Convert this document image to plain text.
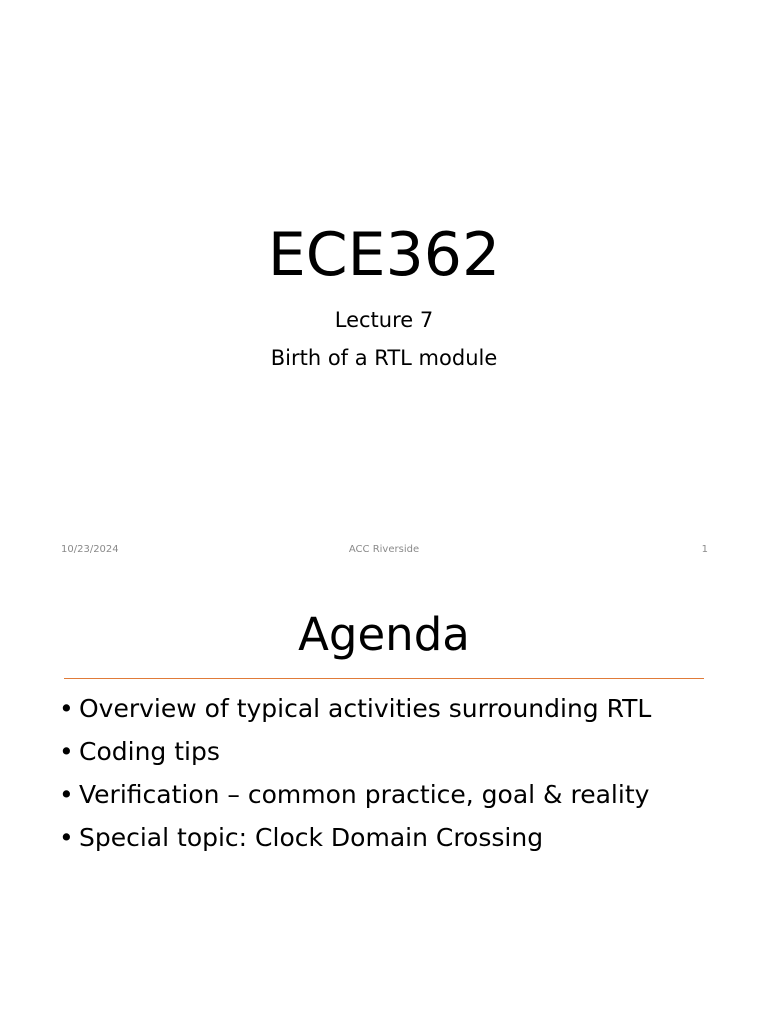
ECE362
Lecture 7
Birth of a RTL module
10/23/2024	ACC Riverside	1
Agenda
• Overview of typical activities surrounding RTL
• Coding tips
• Verification – common practice, goal & reality
• Special topic: Clock Domain Crossing
